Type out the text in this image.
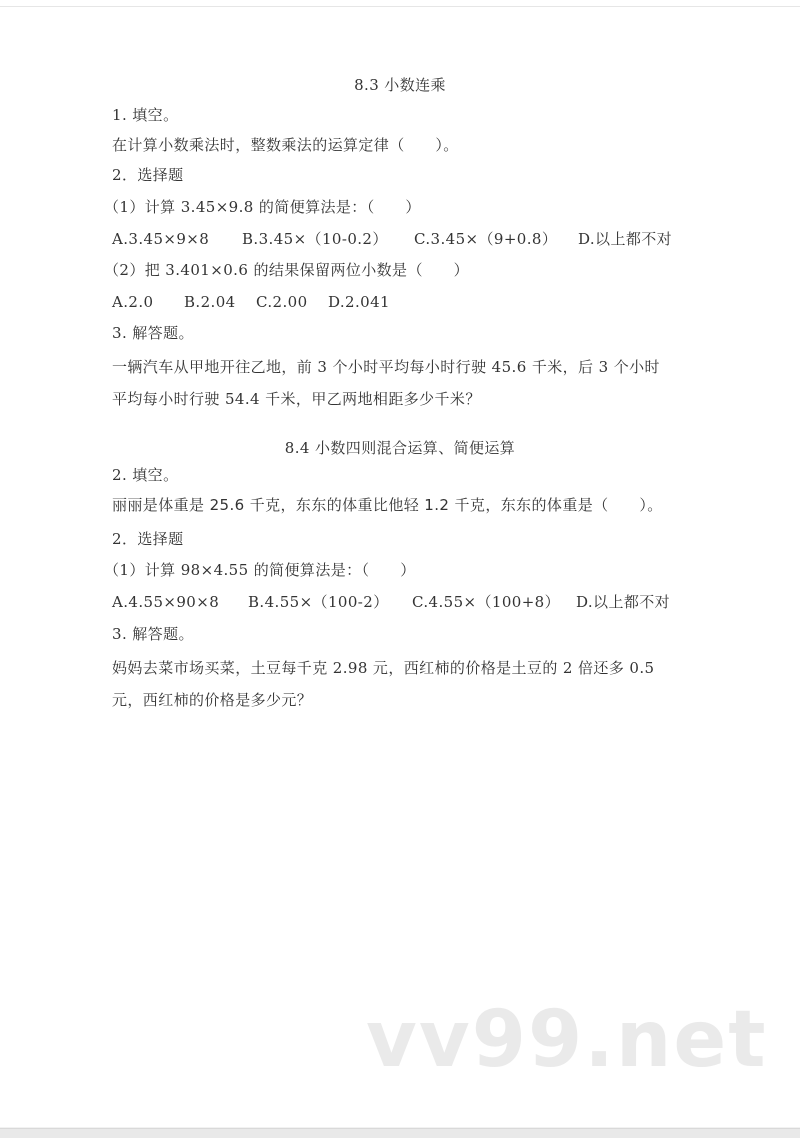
8.3 小数连乘
1. 填空。
在计算小数乘法时，整数乘法的运算定律（　　）。
2．选择题
（1）计算 3.45×9.8 的简便算法是：（　　）
A.3.45×9×8 B.3.45×（10-0.2） C.3.45×（9+0.8） D.以上都不对
（2）把 3.401×0.6 的结果保留两位小数是（　　）
A.2.0 B.2.04 C.2.00 D.2.041
3. 解答题。
一辆汽车从甲地开往乙地，前 3 个小时平均每小时行驶 45.6 千米，后 3 个小时
平均每小时行驶 54.4 千米，甲乙两地相距多少千米？
8.4 小数四则混合运算、简便运算
2. 填空。
丽丽是体重是 25.6 千克，东东的体重比他轻 1.2 千克，东东的体重是（　　）。
2．选择题
（1）计算 98×4.55 的简便算法是：（　　）
A.4.55×90×8 B.4.55×（100-2） C.4.55×（100+8） D.以上都不对
3. 解答题。
妈妈去菜市场买菜，土豆每千克 2.98 元，西红柿的价格是土豆的 2 倍还多 0.5
元，西红柿的价格是多少元？
vv99.net
